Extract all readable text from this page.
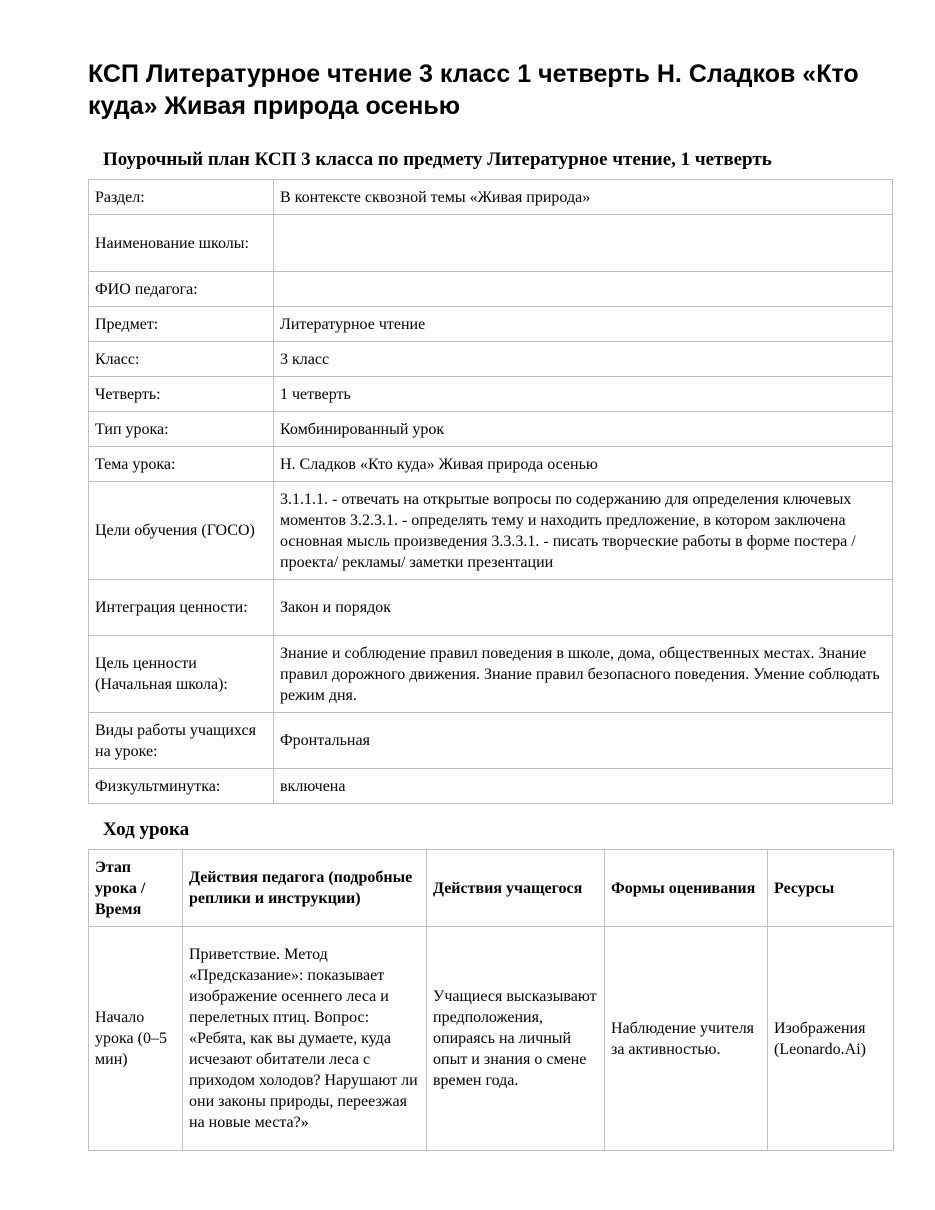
КСП Литературное чтение 3 класс 1 четверть Н. Сладков «Кто куда» Живая природа осенью
Поурочный план КСП 3 класса по предмету Литературное чтение, 1 четверть
Раздел:	В контексте сквозной темы «Живая природа»
Наименование школы:	
ФИО педагога:	
Предмет:	Литературное чтение
Класс:	3 класс
Четверть:	1 четверть
Тип урока:	Комбинированный урок
Тема урока:	Н. Сладков «Кто куда» Живая природа осенью
Цели обучения (ГОСО)	3.1.1.1. - отвечать на открытые вопросы по содержанию для определения ключевых моментов 3.2.3.1. - определять тему и находить предложение, в котором заключена основная мысль произведения 3.3.3.1. - писать творческие работы в форме постера /проекта/ рекламы/ заметки презентации
Интеграция ценности:	Закон и порядок
Цель ценности (Начальная школа):	Знание и соблюдение правил поведения в школе, дома, общественных местах. Знание правил дорожного движения. Знание правил безопасного поведения. Умение соблюдать режим дня.
Виды работы учащихся на уроке:	Фронтальная
Физкультминутка:	включена
Ход урока
Этап урока / Время	Действия педагога (подробные реплики и инструкции)	Действия учащегося	Формы оценивания	Ресурсы
Начало урока (0–5 мин)	Приветствие. Метод «Предсказание»: показывает изображение осеннего леса и перелетных птиц. Вопрос: «Ребята, как вы думаете, куда исчезают обитатели леса с приходом холодов? Нарушают ли они законы природы, переезжая на новые места?»	Учащиеся высказывают предположения, опираясь на личный опыт и знания о смене времен года.	Наблюдение учителя за активностью.	Изображения (Leonardo.Ai)
